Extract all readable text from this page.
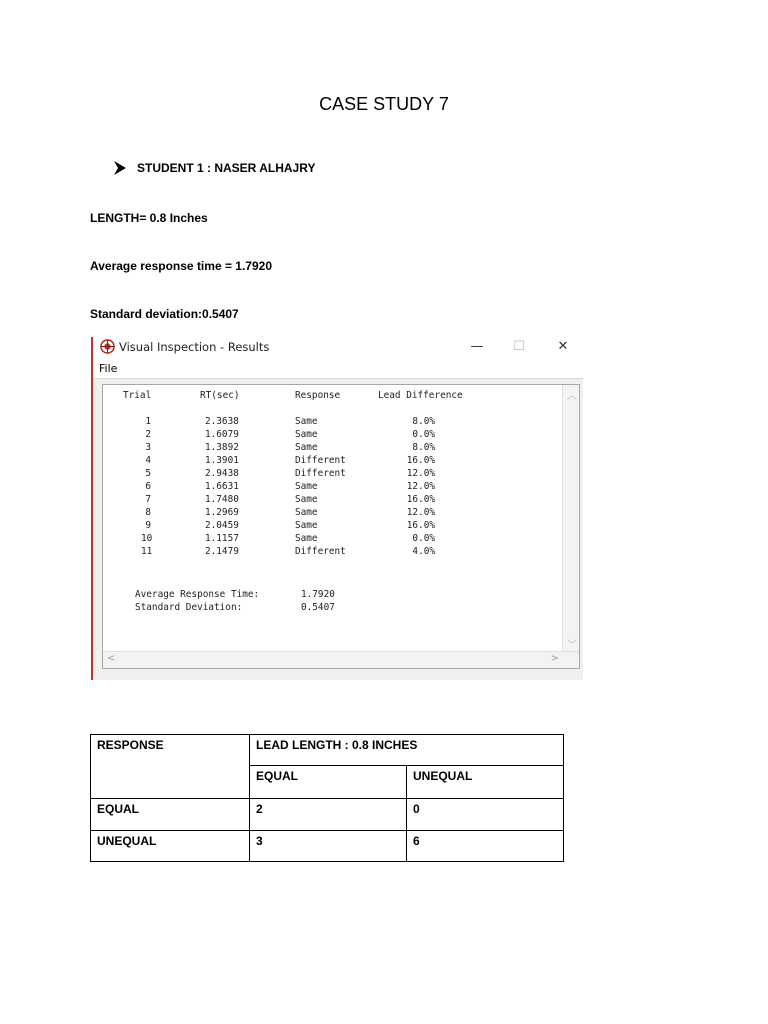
CASE STUDY 7
STUDENT 1 : NASER ALHAJRY
LENGTH= 0.8 Inches
Average response time = 1.7920
Standard deviation:0.5407
Visual Inspection - Results	—	☐	✕
File
Trial	RT(sec)	Response	Lead Difference
1	2.3638	Same	8.0%
2	1.6079	Same	0.0%
3	1.3892	Same	8.0%
4	1.3901	Different	16.0%
5	2.9438	Different	12.0%
6	1.6631	Same	12.0%
7	1.7480	Same	16.0%
8	1.2969	Same	12.0%
9	2.0459	Same	16.0%
10	1.1157	Same	0.0%
11	2.1479	Different	4.0%
Average Response Time:	1.7920
Standard Deviation:	0.5407
︿
﹀
<	>
RESPONSE	LEAD LENGTH : 0.8 INCHES	
	EQUAL	UNEQUAL
EQUAL	2	0
UNEQUAL	3	6
